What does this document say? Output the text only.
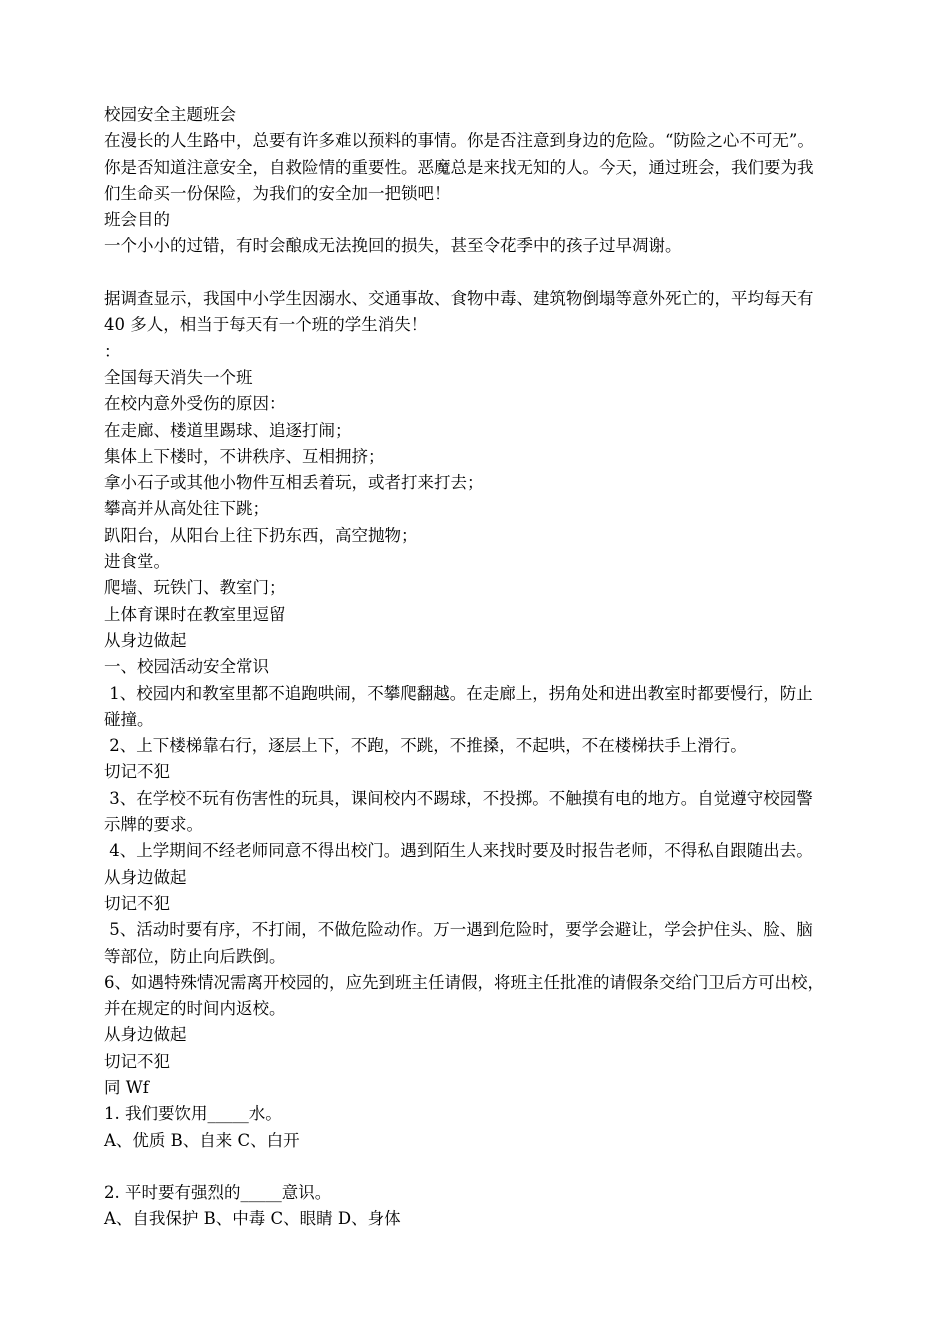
校园安全主题班会
在漫长的人生路中，总要有许多难以预料的事情。你是否注意到身边的危险。“防险之心不可无”。
你是否知道注意安全，自救险情的重要性。恶魔总是来找无知的人。今天，通过班会，我们要为我
们生命买一份保险，为我们的安全加一把锁吧！
班会目的
一个小小的过错，有时会酿成无法挽回的损失，甚至令花季中的孩子过早凋谢。
据调查显示，我国中小学生因溺水、交通事故、食物中毒、建筑物倒塌等意外死亡的，平均每天有
40 多人，相当于每天有一个班的学生消失！
：
全国每天消失一个班
在校内意外受伤的原因：
在走廊、楼道里踢球、追逐打闹；
集体上下楼时，不讲秩序、互相拥挤；
拿小石子或其他小物件互相丢着玩，或者打来打去；
攀高并从高处往下跳；
趴阳台，从阳台上往下扔东西，高空抛物；
进食堂。
爬墙、玩铁门、教室门；
上体育课时在教室里逗留
从身边做起
一、校园活动安全常识
1、校园内和教室里都不追跑哄闹，不攀爬翻越。在走廊上，拐角处和进出教室时都要慢行，防止
碰撞。
2、上下楼梯靠右行，逐层上下，不跑，不跳，不推搡，不起哄，不在楼梯扶手上滑行。
切记不犯
3、在学校不玩有伤害性的玩具，课间校内不踢球，不投掷。不触摸有电的地方。自觉遵守校园警
示牌的要求。
4、上学期间不经老师同意不得出校门。遇到陌生人来找时要及时报告老师，不得私自跟随出去。
从身边做起
切记不犯
5、活动时要有序，不打闹，不做危险动作。万一遇到危险时，要学会避让，学会护住头、脸、脑
等部位，防止向后跌倒。
6、如遇特殊情况需离开校园的，应先到班主任请假，将班主任批准的请假条交给门卫后方可出校，
并在规定的时间内返校。
从身边做起
切记不犯
同 Wf
1. 我们要饮用_____水。
A、优质 B、自来 C、白开
2. 平时要有强烈的_____意识。
A、自我保护 B、中毒 C、眼睛 D、身体
